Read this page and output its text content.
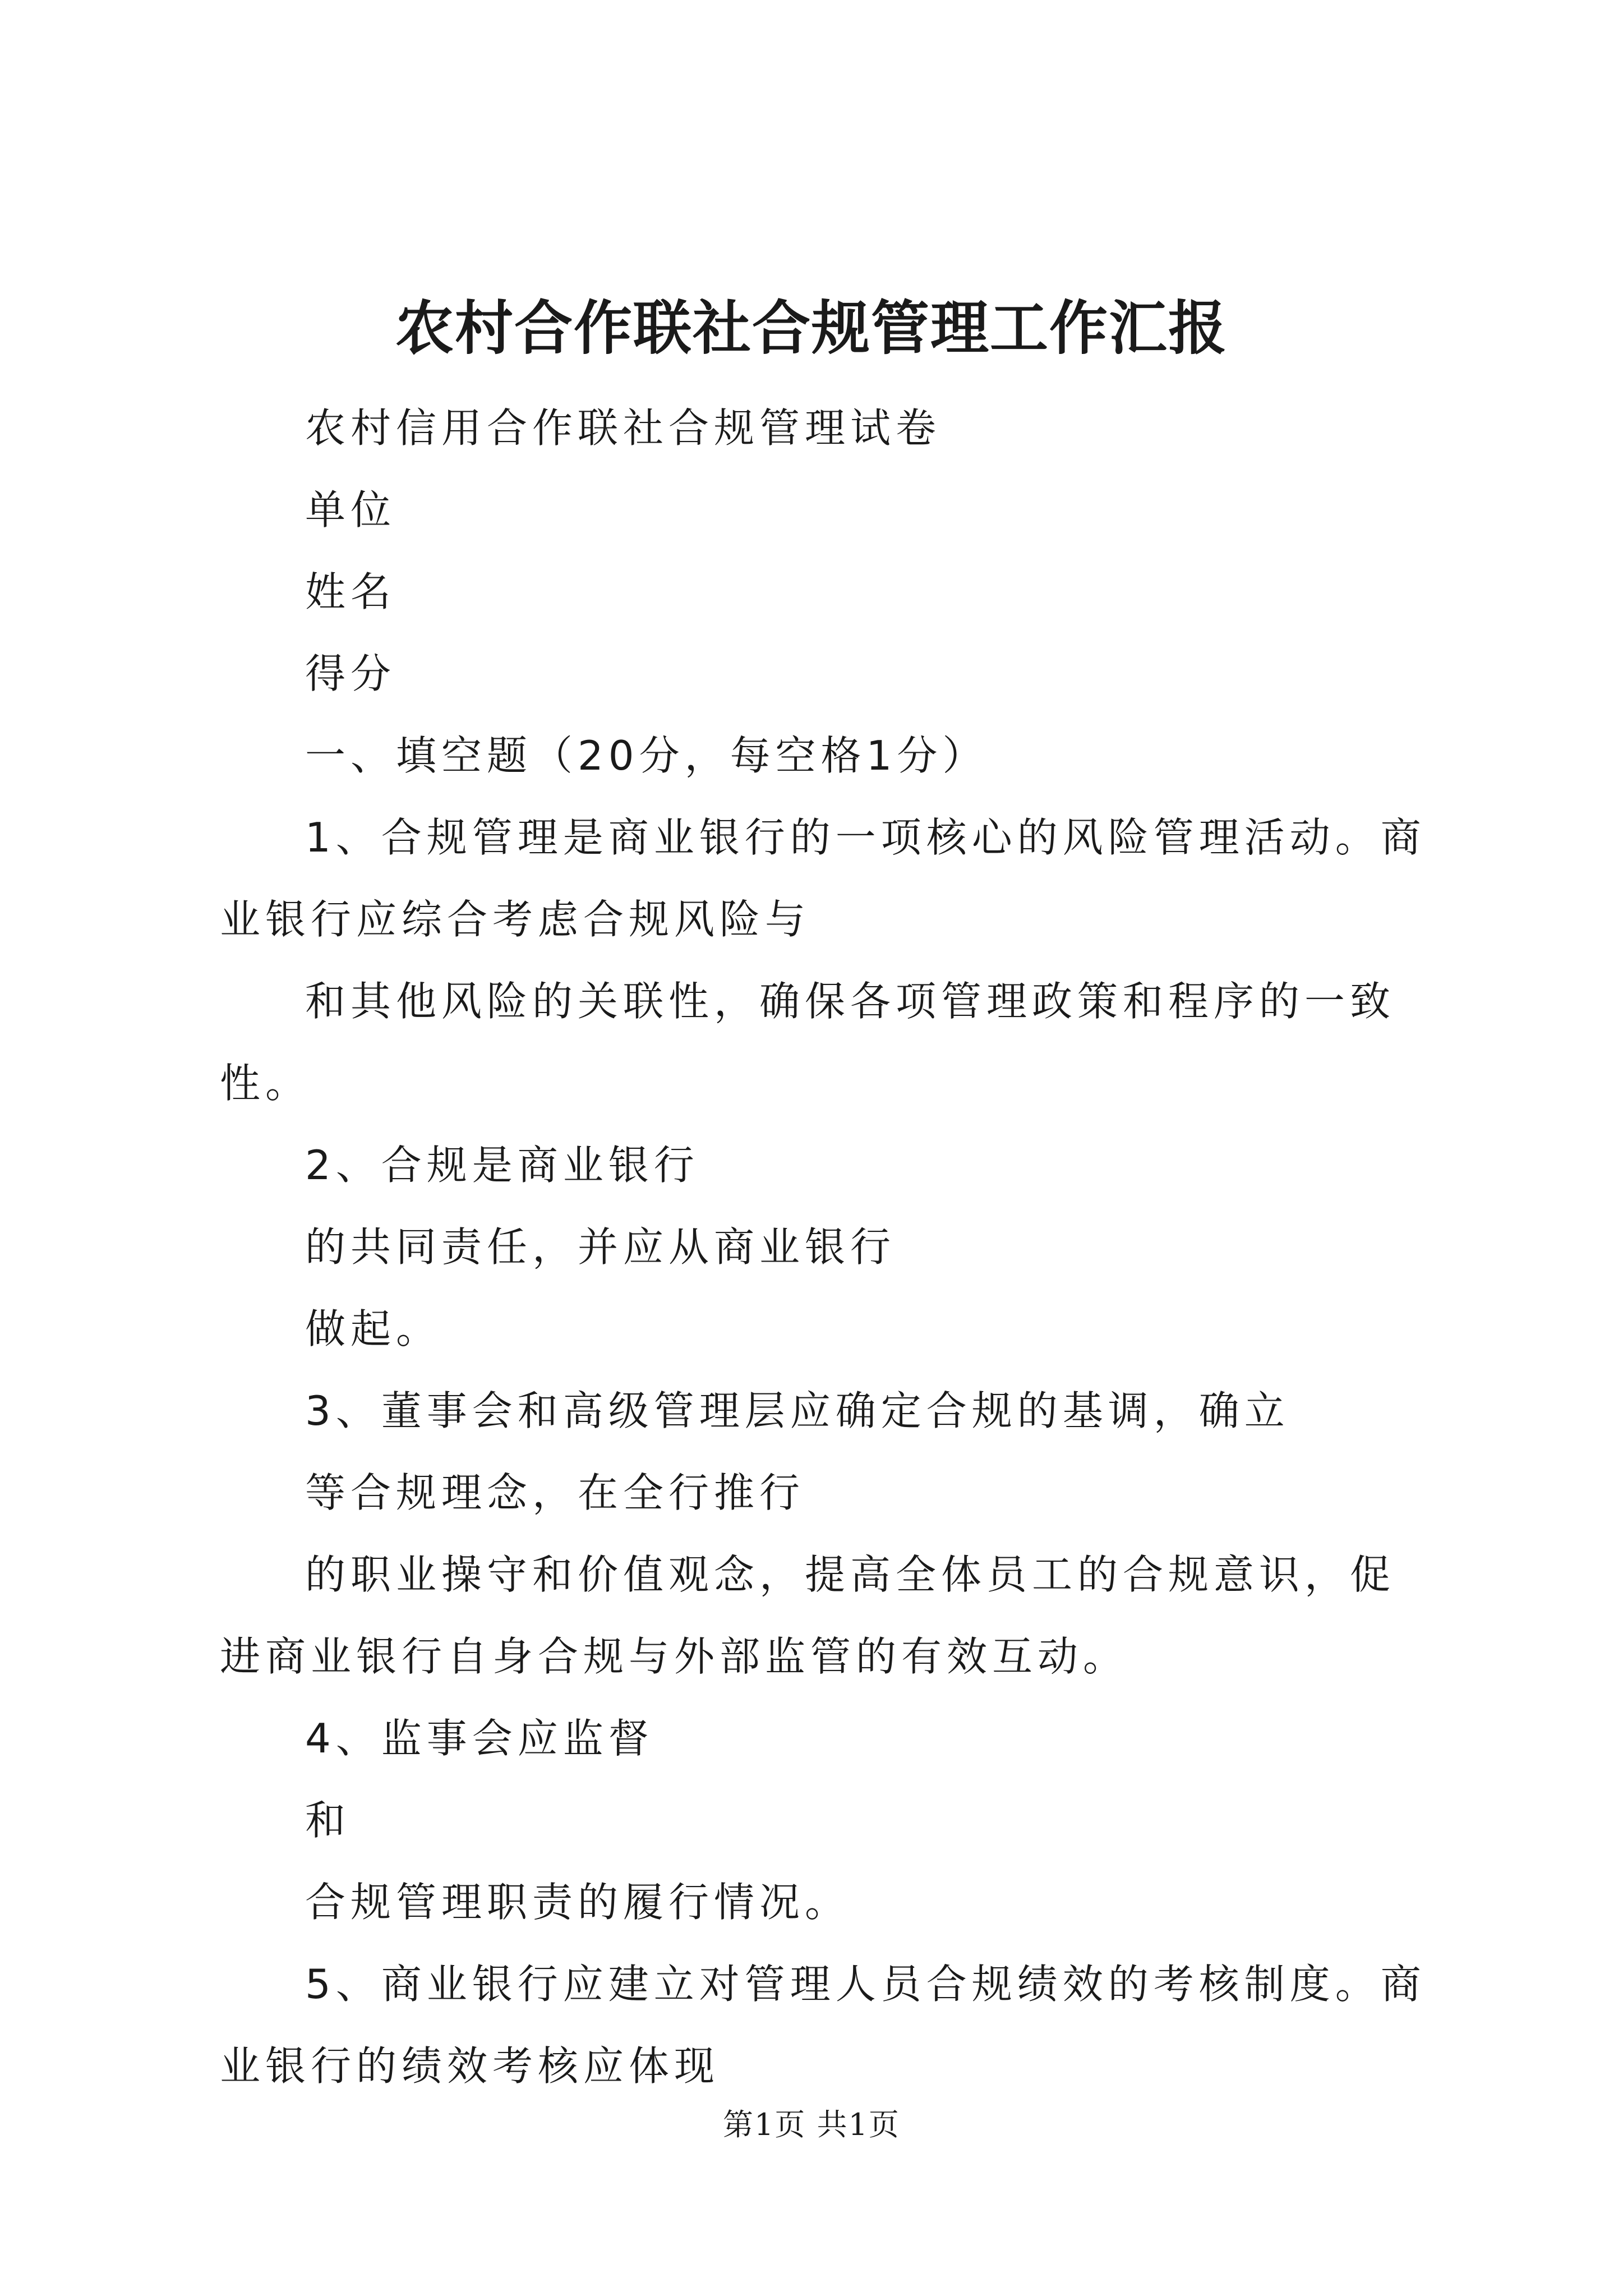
农村合作联社合规管理工作汇报

农村信用合作联社合规管理试卷

单位

姓名

得分

一、填空题（20分，每空格1分）

1、合规管理是商业银行的一项核心的风险管理活动。商业银行应综合考虑合规风险与

和其他风险的关联性，确保各项管理政策和程序的一致性。

2、合规是商业银行

的共同责任，并应从商业银行

做起。

3、董事会和高级管理层应确定合规的基调，确立

等合规理念，在全行推行

的职业操守和价值观念，提高全体员工的合规意识，促进商业银行自身合规与外部监管的有效互动。

4、监事会应监督

和

合规管理职责的履行情况。

5、商业银行应建立对管理人员合规绩效的考核制度。商业银行的绩效考核应体现

第1页 共1页
